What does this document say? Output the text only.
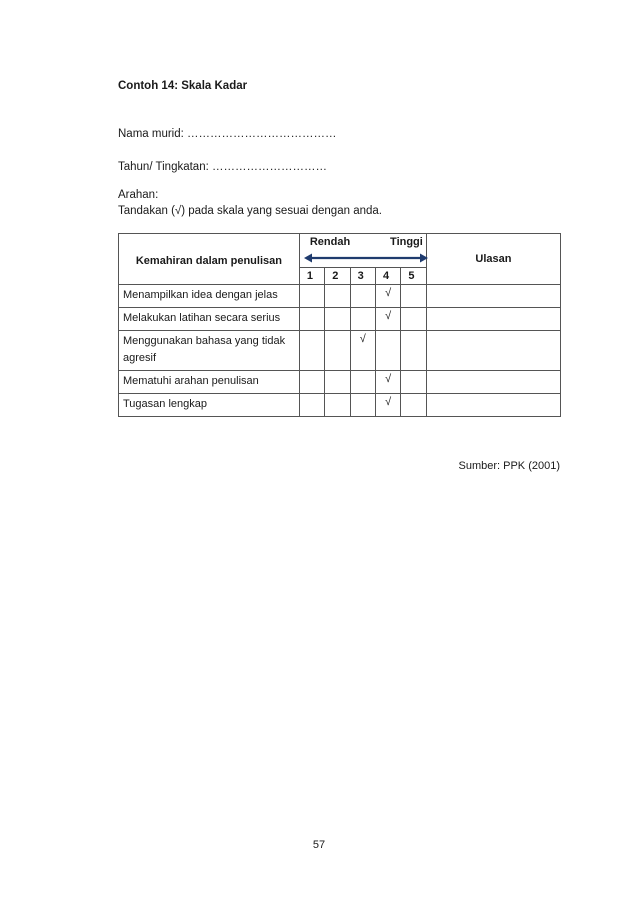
Contoh 14: Skala Kadar
Nama murid: …………………………………
Tahun/ Tingkatan: …………………………
Arahan:
Tandakan (√) pada skala yang sesuai dengan anda.
Kemahiran dalam penulisan	Rendah Tinggi					Ulasan
	1	2	3	4	5	
Menampilkan idea dengan jelas				√		
Melakukan latihan secara serius				√		
Menggunakan bahasa yang tidak agresif			√			
Mematuhi arahan penulisan				√		
Tugasan lengkap				√		
Sumber: PPK (2001)
57
